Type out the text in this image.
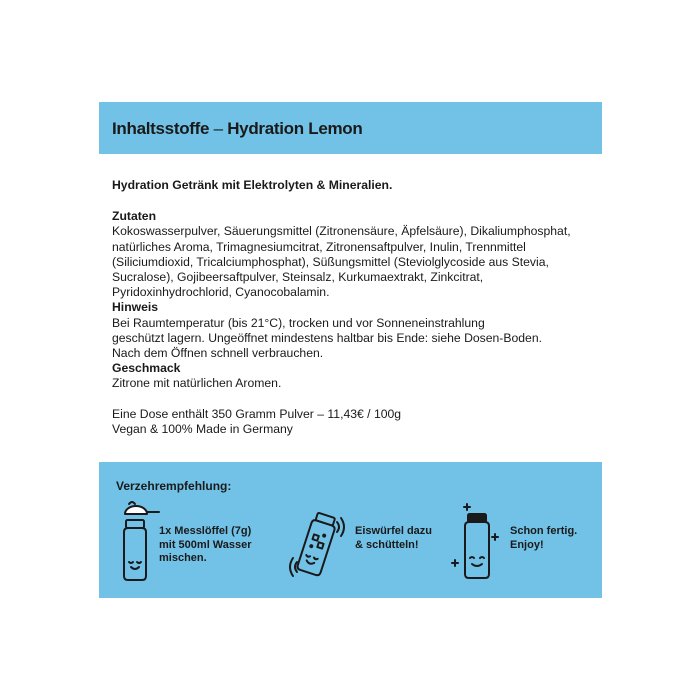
Inhaltsstoffe – Hydration Lemon

Hydration Getränk mit Elektrolyten & Mineralien.

Zutaten

Kokoswasserpulver, Säuerungsmittel (Zitronensäure, Äpfelsäure), Dikaliumphosphat,

natürliches Aroma, Trimagnesiumcitrat, Zitronensaftpulver, Inulin, Trennmittel

(Siliciumdioxid, Tricalciumphosphat), Süßungsmittel (Steviolglycoside aus Stevia,

Sucralose), Gojibeersaftpulver, Steinsalz, Kurkumaextrakt, Zinkcitrat,

Pyridoxinhydrochlorid, Cyanocobalamin.

Hinweis

Bei Raumtemperatur (bis 21°C), trocken und vor Sonneneinstrahlung

geschützt lagern. Ungeöffnet mindestens haltbar bis Ende: siehe Dosen-Boden.

Nach dem Öffnen schnell verbrauchen.

Geschmack

Zitrone mit natürlichen Aromen.

Eine Dose enthält 350 Gramm Pulver – 11,43€ / 100g

Vegan & 100% Made in Germany

Verzehrempfehlung:
1x Messlöffel (7g)
mit 500ml Wasser
mischen.
Eiswürfel dazu
& schütteln!
Schon fertig.
Enjoy!
